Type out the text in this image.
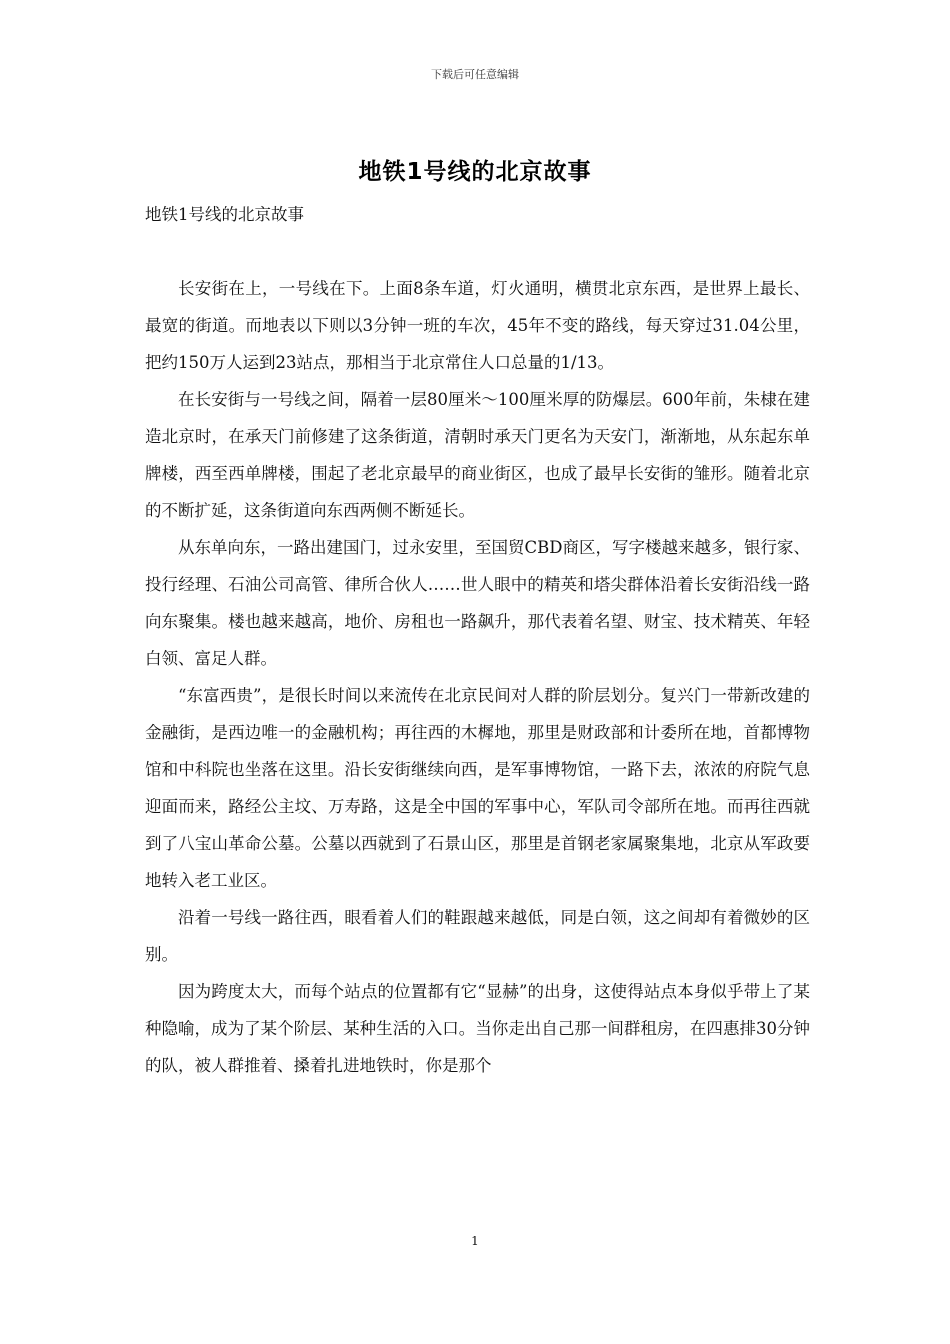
下载后可任意编辑
地铁1号线的北京故事
地铁1号线的北京故事

长安街在上，一号线在下。上面8条车道，灯火通明，横贯北京东西，是世界上最长、最宽的街道。而地表以下则以3分钟一班的车次，45年不变的路线，每天穿过31.04公里，把约150万人运到23站点，那相当于北京常住人口总量的1/13。

在长安街与一号线之间，隔着一层80厘米～100厘米厚的防爆层。600年前，朱棣在建造北京时，在承天门前修建了这条街道，清朝时承天门更名为天安门，渐渐地，从东起东单牌楼，西至西单牌楼，围起了老北京最早的商业街区，也成了最早长安街的雏形。随着北京的不断扩延，这条街道向东西两侧不断延长。

从东单向东，一路出建国门，过永安里，至国贸CBD商区，写字楼越来越多，银行家、投行经理、石油公司高管、律所合伙人……世人眼中的精英和塔尖群体沿着长安街沿线一路向东聚集。楼也越来越高，地价、房租也一路飙升，那代表着名望、财宝、技术精英、年轻白领、富足人群。

“东富西贵”，是很长时间以来流传在北京民间对人群的阶层划分。复兴门一带新改建的金融街，是西边唯一的金融机构；再往西的木樨地，那里是财政部和计委所在地，首都博物馆和中科院也坐落在这里。沿长安街继续向西，是军事博物馆，一路下去，浓浓的府院气息迎面而来，路经公主坟、万寿路，这是全中国的军事中心，军队司令部所在地。而再往西就到了八宝山革命公墓。公墓以西就到了石景山区，那里是首钢老家属聚集地，北京从军政要地转入老工业区。

沿着一号线一路往西，眼看着人们的鞋跟越来越低，同是白领，这之间却有着微妙的区别。

因为跨度太大，而每个站点的位置都有它“显赫”的出身，这使得站点本身似乎带上了某种隐喻，成为了某个阶层、某种生活的入口。当你走出自己那一间群租房，在四惠排30分钟的队，被人群推着、搡着扎进地铁时，你是那个

1
